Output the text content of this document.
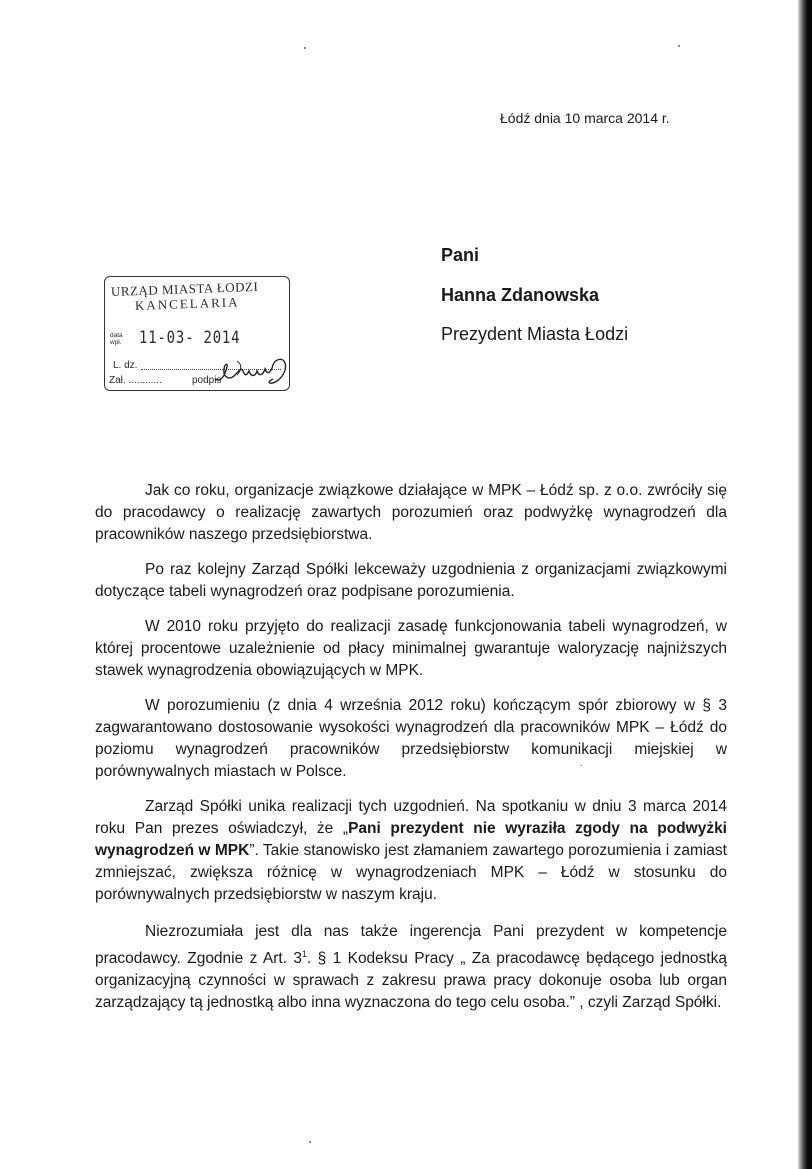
Łódź dnia 10 marca 2014 r.
Pani
Hanna Zdanowska
Prezydent Miasta Łodzi
URZĄD MIASTA ŁODZI
KANCELARIA
data wpł.	11-03- 2014
L. dz.
Zał. ............	podpis

Jak co roku, organizacje związkowe działające w MPK – Łódź sp. z o.o. zwróciły się do pracodawcy o realizację zawartych porozumień oraz podwyżkę wynagrodzeń dla pracowników naszego przedsiębiorstwa.

Po raz kolejny Zarząd Spółki lekceważy uzgodnienia z organizacjami związkowymi dotyczące tabeli wynagrodzeń oraz podpisane porozumienia.

W 2010 roku przyjęto do realizacji zasadę funkcjonowania tabeli wynagrodzeń, w której procentowe uzależnienie od płacy minimalnej gwarantuje waloryzację najniższych stawek wynagrodzenia obowiązujących w MPK.

W porozumieniu (z dnia 4 września 2012 roku) kończącym spór zbiorowy w § 3 zagwarantowano dostosowanie wysokości wynagrodzeń dla pracowników MPK – Łódź do poziomu wynagrodzeń pracowników przedsiębiorstw komunikacji miejskiej w porównywalnych miastach w Polsce.

Zarząd Spółki unika realizacji tych uzgodnień. Na spotkaniu w dniu 3 marca 2014 roku Pan prezes oświadczył, że „Pani prezydent nie wyraziła zgody na podwyżki wynagrodzeń w MPK”. Takie stanowisko jest złamaniem zawartego porozumienia i zamiast zmniejszać, zwiększa różnicę w wynagrodzeniach MPK – Łódź w stosunku do porównywalnych przedsiębiorstw w naszym kraju.

Niezrozumiała jest dla nas także ingerencja Pani prezydent w kompetencje pracodawcy. Zgodnie z Art. $3^1$. § 1 Kodeksu Pracy „ Za pracodawcę będącego jednostką organizacyjną czynności w sprawach z zakresu prawa pracy dokonuje osoba lub organ zarządzający tą jednostką albo inna wyznaczona do tego celu osoba.” , czyli Zarząd Spółki.
